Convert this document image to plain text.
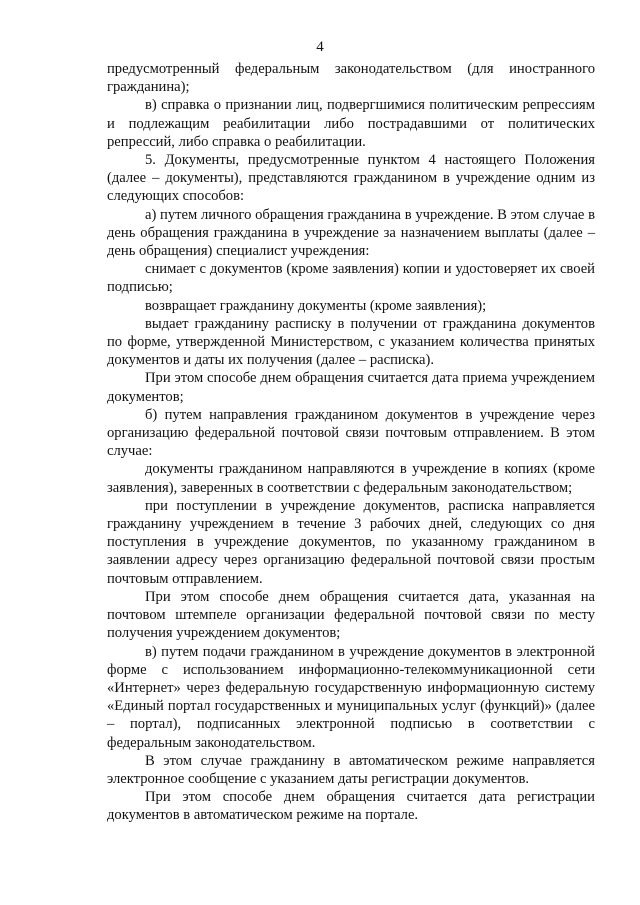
4

предусмотренный федеральным законодательством (для иностранного гражданина);

в) справка о признании лиц, подвергшимися политическим репрессиям и подлежащим реабилитации либо пострадавшими от политических репрессий, либо справка о реабилитации.

5. Документы, предусмотренные пунктом 4 настоящего Положения (далее – документы), представляются гражданином в учреждение одним из следующих способов:

а) путем личного обращения гражданина в учреждение. В этом случае в день обращения гражданина в учреждение за назначением выплаты (далее – день обращения) специалист учреждения:

снимает с документов (кроме заявления) копии и удостоверяет их своей подписью;

возвращает гражданину документы (кроме заявления);

выдает гражданину расписку в получении от гражданина документов по форме, утвержденной Министерством, с указанием количества принятых документов и даты их получения (далее – расписка).

При этом способе днем обращения считается дата приема учреждением документов;

б) путем направления гражданином документов в учреждение через организацию федеральной почтовой связи почтовым отправлением. В этом случае:

документы гражданином направляются в учреждение в копиях (кроме заявления), заверенных в соответствии с федеральным законодательством;

при поступлении в учреждение документов, расписка направляется гражданину учреждением в течение 3 рабочих дней, следующих со дня поступления в учреждение документов, по указанному гражданином в заявлении адресу через организацию федеральной почтовой связи простым почтовым отправлением.

При этом способе днем обращения считается дата, указанная на почтовом штемпеле организации федеральной почтовой связи по месту получения учреждением документов;

в) путем подачи гражданином в учреждение документов в электронной форме с использованием информационно-телекоммуникационной сети «Интернет» через федеральную государственную информационную систему «Единый портал государственных и муниципальных услуг (функций)» (далее – портал), подписанных электронной подписью в соответствии с федеральным законодательством.

В этом случае гражданину в автоматическом режиме направляется электронное сообщение с указанием даты регистрации документов.

При этом способе днем обращения считается дата регистрации документов в автоматическом режиме на портале.
